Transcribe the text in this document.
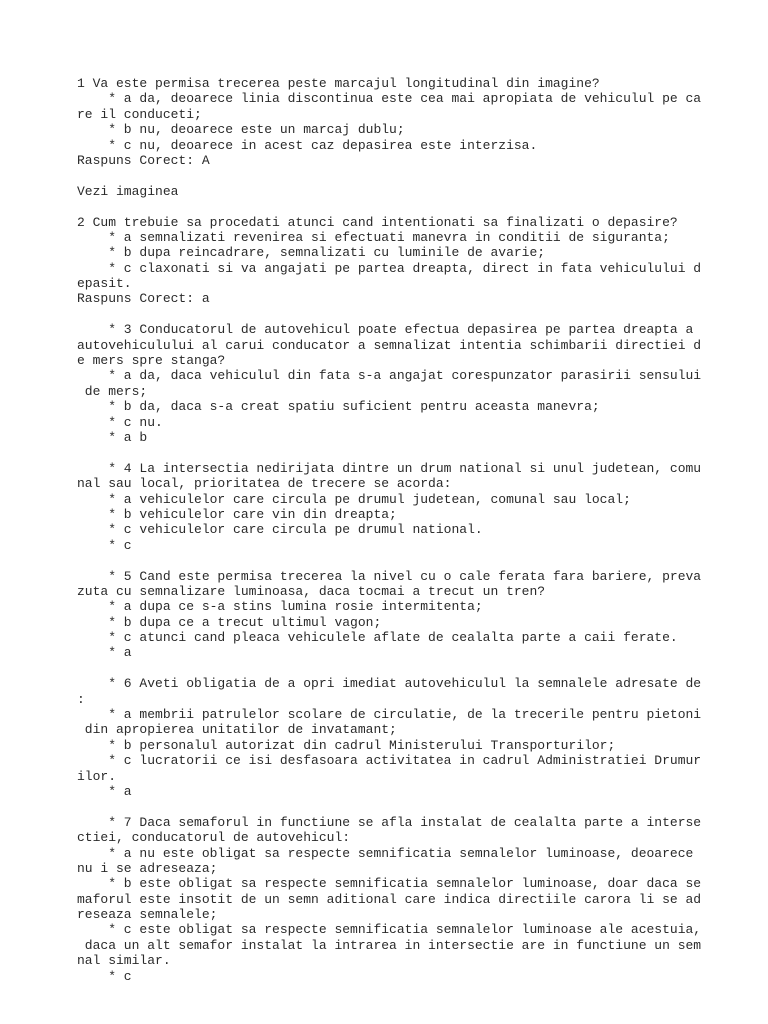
1 Va este permisa trecerea peste marcajul longitudinal din imagine?
* a da, deoarece linia discontinua este cea mai apropiata de vehiculul pe ca
re il conduceti;
* b nu, deoarece este un marcaj dublu;
* c nu, deoarece in acest caz depasirea este interzisa.
Raspuns Corect: A
Vezi imaginea
2 Cum trebuie sa procedati atunci cand intentionati sa finalizati o depasire?
* a semnalizati revenirea si efectuati manevra in conditii de siguranta;
* b dupa reincadrare, semnalizati cu luminile de avarie;
* c claxonati si va angajati pe partea dreapta, direct in fata vehiculului d
epasit.
Raspuns Corect: a
* 3 Conducatorul de autovehicul poate efectua depasirea pe partea dreapta a
autovehiculului al carui conducator a semnalizat intentia schimbarii directiei d
e mers spre stanga?
* a da, daca vehiculul din fata s-a angajat corespunzator parasirii sensului
de mers;
* b da, daca s-a creat spatiu suficient pentru aceasta manevra;
* c nu.
* a b
* 4 La intersectia nedirijata dintre un drum national si unul judetean, comu
nal sau local, prioritatea de trecere se acorda:
* a vehiculelor care circula pe drumul judetean, comunal sau local;
* b vehiculelor care vin din dreapta;
* c vehiculelor care circula pe drumul national.
* c
* 5 Cand este permisa trecerea la nivel cu o cale ferata fara bariere, preva
zuta cu semnalizare luminoasa, daca tocmai a trecut un tren?
* a dupa ce s-a stins lumina rosie intermitenta;
* b dupa ce a trecut ultimul vagon;
* c atunci cand pleaca vehiculele aflate de cealalta parte a caii ferate.
* a
* 6 Aveti obligatia de a opri imediat autovehiculul la semnalele adresate de
:
* a membrii patrulelor scolare de circulatie, de la trecerile pentru pietoni
din apropierea unitatilor de invatamant;
* b personalul autorizat din cadrul Ministerului Transporturilor;
* c lucratorii ce isi desfasoara activitatea in cadrul Administratiei Drumur
ilor.
* a
* 7 Daca semaforul in functiune se afla instalat de cealalta parte a interse
ctiei, conducatorul de autovehicul:
* a nu este obligat sa respecte semnificatia semnalelor luminoase, deoarece
nu i se adreseaza;
* b este obligat sa respecte semnificatia semnalelor luminoase, doar daca se
maforul este insotit de un semn aditional care indica directiile carora li se ad
reseaza semnalele;
* c este obligat sa respecte semnificatia semnalelor luminoase ale acestuia,
daca un alt semafor instalat la intrarea in intersectie are in functiune un sem
nal similar.
* c
